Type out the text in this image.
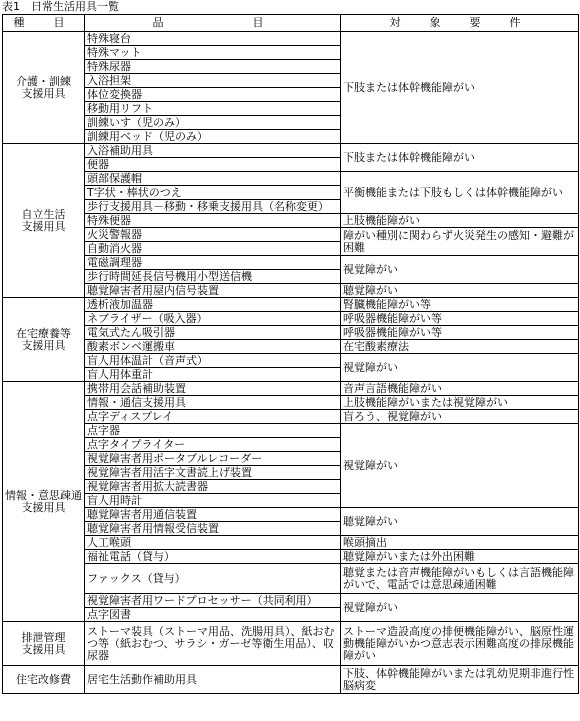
表1　日常生活用具一覧
種　目	品　　　　目	対　象　要　件

介護・訓練
支援用具	特殊寝台	下肢または体幹機能障がい
	特殊マット	
	特殊尿器	
	入浴担架	
	体位変換器	
	移動用リフト	
	訓練いす（児のみ）	
	訓練用ベッド（児のみ）	

自立生活
支援用具	入浴補助用具	下肢または体幹機能障がい
	便器	
	頭部保護帽	平衡機能または下肢もしくは体幹機能障がい
	T字状・棒状のつえ	
	歩行支援用具－移動・移乗支援用具（名称変更）	
	特殊便器	上肢機能障がい
	火災警報器	障がい種別に関わらず火災発生の感知・避難が困難
	自動消火器	
	電磁調理器	視覚障がい
	歩行時間延長信号機用小型送信機	
	聴覚障害者用屋内信号装置	聴覚障がい

在宅療養等
支援用具	透析液加温器	腎臓機能障がい等
	ネブライザー（吸入器）	呼吸器機能障がい等
	電気式たん吸引器	呼吸器機能障がい等
	酸素ボンベ運搬車	在宅酸素療法
	盲人用体温計（音声式）	視覚障がい
	盲人用体重計	

情報・意思疎通
支援用具	携帯用会話補助装置	音声言語機能障がい
	情報・通信支援用具	上肢機能障がいまたは視覚障がい
	点字ディスプレイ	盲ろう、視覚障がい
	点字器	視覚障がい
	点字タイプライター	
	視覚障害者用ポータブルレコーダー	
	視覚障害者用活字文書読上げ装置	
	視覚障害者用拡大読書器	
	盲人用時計	
	聴覚障害者用通信装置	聴覚障がい
	聴覚障害者用情報受信装置	
	人工喉頭	喉頭摘出
	福祉電話（貸与）	聴覚障がいまたは外出困難
	ファックス（貸与）	聴覚または音声機能障がいもしくは言語機能障がいで、電話では意思疎通困難
	視覚障害者用ワードプロセッサー（共同利用）	視覚障がい
	点字図書	

排泄管理
支援用具	ストーマ装具（ストーマ用品、洗腸用具）、紙おむつ等（紙おむつ、サラシ・ガーゼ等衛生用品）、収尿器	ストーマ造設高度の排便機能障がい、脳原性運動機能障がいかつ意志表示困難高度の排尿機能障がい
住宅改修費	居宅生活動作補助用具	下肢、体幹機能障がいまたは乳幼児期非進行性脳病変
